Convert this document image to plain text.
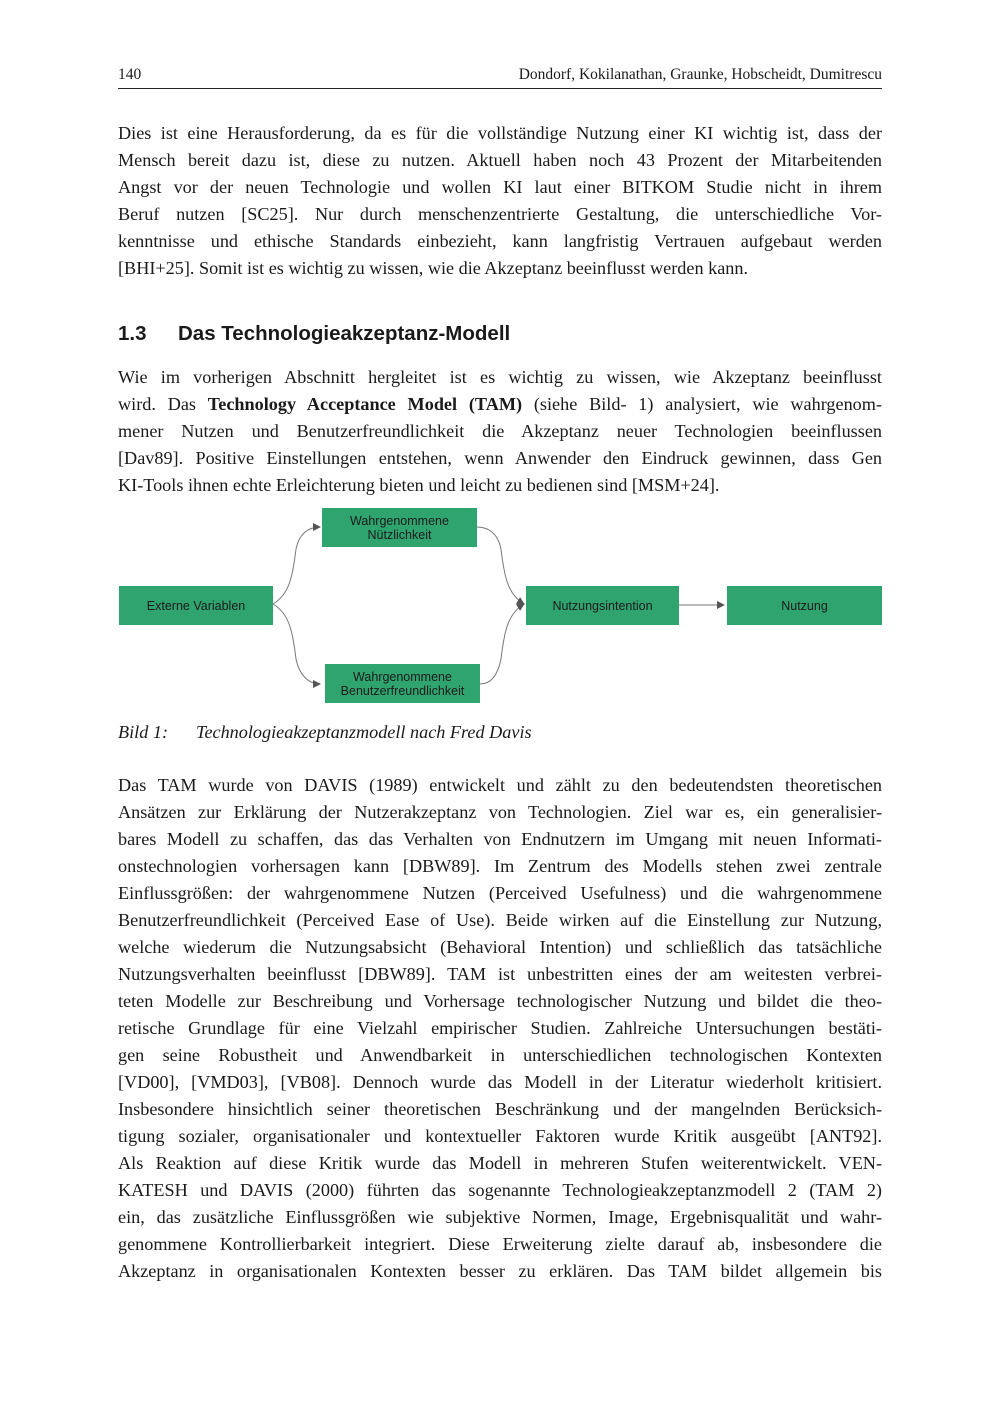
140	Dondorf, Kokilanathan, Graunke, Hobscheidt, Dumitrescu

Dies ist eine Herausforderung, da es für die vollständige Nutzung einer KI wichtig ist, dass der
Mensch bereit dazu ist, diese zu nutzen. Aktuell haben noch 43 Prozent der Mitarbeitenden
Angst vor der neuen Technologie und wollen KI laut einer BITKOM Studie nicht in ihrem
Beruf nutzen [SC25]. Nur durch menschenzentrierte Gestaltung, die unterschiedliche Vor-
kenntnisse und ethische Standards einbezieht, kann langfristig Vertrauen aufgebaut werden
[BHI+25]. Somit ist es wichtig zu wissen, wie die Akzeptanz beeinflusst werden kann.

1.3 Das Technologieakzeptanz-Modell

Wie im vorherigen Abschnitt hergleitet ist es wichtig zu wissen, wie Akzeptanz beeinflusst
wird. Das Technology Acceptance Model (TAM) (siehe Bild- 1) analysiert, wie wahrgenom-
mener Nutzen und Benutzerfreundlichkeit die Akzeptanz neuer Technologien beeinflussen
[Dav89]. Positive Einstellungen entstehen, wenn Anwender den Eindruck gewinnen, dass Gen
KI-Tools ihnen echte Erleichterung bieten und leicht zu bedienen sind [MSM+24].

Externe Variablen
Wahrgenommene
Nützlichkeit
Wahrgenommene
Benutzerfreundlichkeit
Nutzungsintention	Nutzung

Bild 1: Technologieakzeptanzmodell nach Fred Davis

Das TAM wurde von DAVIS (1989) entwickelt und zählt zu den bedeutendsten theoretischen
Ansätzen zur Erklärung der Nutzerakzeptanz von Technologien. Ziel war es, ein generalisier-
bares Modell zu schaffen, das das Verhalten von Endnutzern im Umgang mit neuen Informati-
onstechnologien vorhersagen kann [DBW89]. Im Zentrum des Modells stehen zwei zentrale
Einflussgrößen: der wahrgenommene Nutzen (Perceived Usefulness) und die wahrgenommene
Benutzerfreundlichkeit (Perceived Ease of Use). Beide wirken auf die Einstellung zur Nutzung,
welche wiederum die Nutzungsabsicht (Behavioral Intention) und schließlich das tatsächliche
Nutzungsverhalten beeinflusst [DBW89]. TAM ist unbestritten eines der am weitesten verbrei-
teten Modelle zur Beschreibung und Vorhersage technologischer Nutzung und bildet die theo-
retische Grundlage für eine Vielzahl empirischer Studien. Zahlreiche Untersuchungen bestäti-
gen seine Robustheit und Anwendbarkeit in unterschiedlichen technologischen Kontexten
[VD00], [VMD03], [VB08]. Dennoch wurde das Modell in der Literatur wiederholt kritisiert.
Insbesondere hinsichtlich seiner theoretischen Beschränkung und der mangelnden Berücksich-
tigung sozialer, organisationaler und kontextueller Faktoren wurde Kritik ausgeübt [ANT92].
Als Reaktion auf diese Kritik wurde das Modell in mehreren Stufen weiterentwickelt. VEN-
KATESH und DAVIS (2000) führten das sogenannte Technologieakzeptanzmodell 2 (TAM 2)
ein, das zusätzliche Einflussgrößen wie subjektive Normen, Image, Ergebnisqualität und wahr-
genommene Kontrollierbarkeit integriert. Diese Erweiterung zielte darauf ab, insbesondere die
Akzeptanz in organisationalen Kontexten besser zu erklären. Das TAM bildet allgemein bis
